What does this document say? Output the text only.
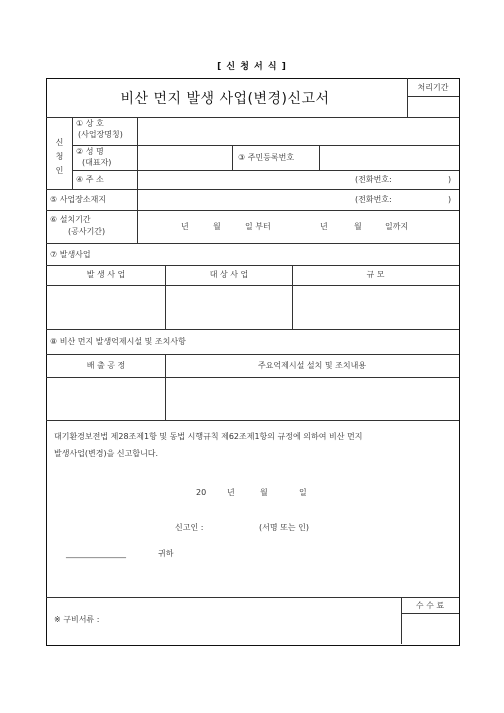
[ 신 청 서 식 ]
비산 먼지 발생 사업(변경)신고서
처리기간
신
청
인
① 상 호
(사업장명칭)
② 성 명
(대표자)
③ 주민등록번호
④ 주 소	(전화번호:	)
⑤ 사업장소재지	(전화번호:	)
⑥ 설치기간
(공사기간)
년	월	일 부터	년	월	일까지
⑦ 발생사업
발 생 사 업	대 상 사 업	규 모
⑧ 비산 먼지 발생억제시설 및 조치사항
배 출 공 정	주요억제시설 설치 및 조치내용
대기환경보전법 제28조제1항 및 동법 시행규칙 제62조제1항의 규정에 의하여 비산 먼지
발생사업(변경)을 신고합니다.
20	년	월	일
신고인 :	(서명 또는 인)
_______________	귀하
※ 구비서류 :
수 수 료
